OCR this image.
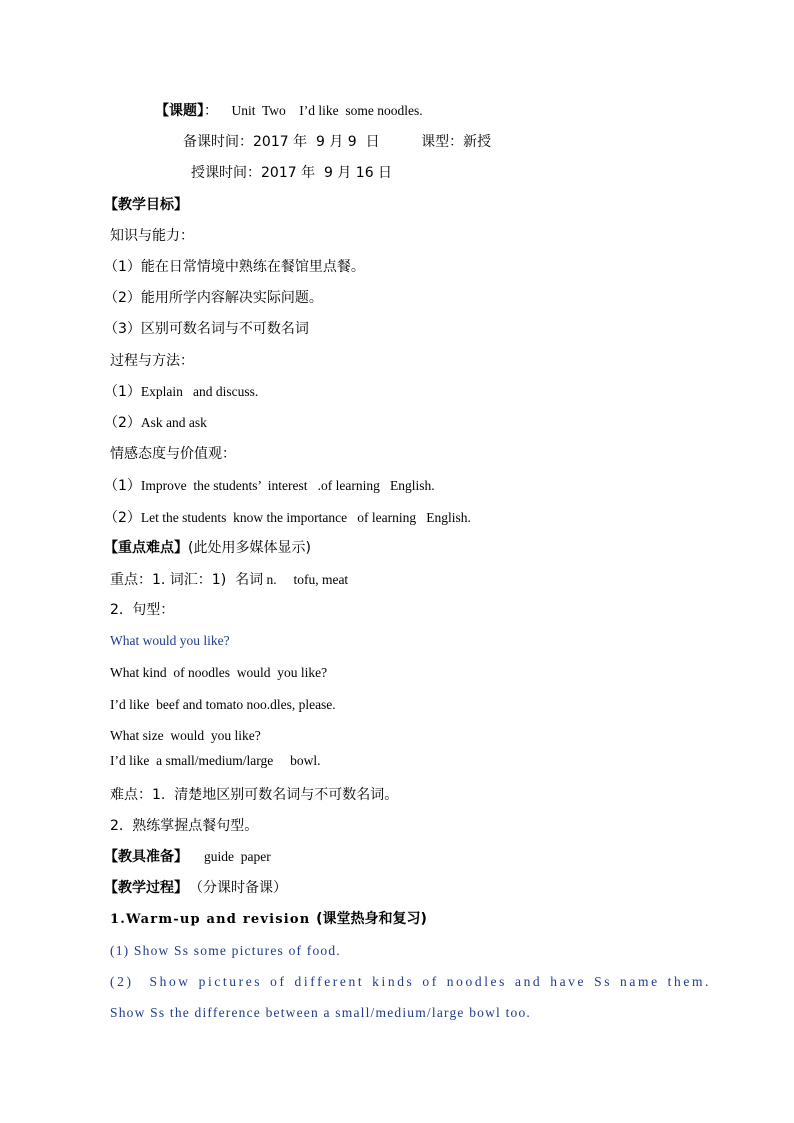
【课题】： Unit  Two    I’d like  some noodles.
备课时间：2017 年  9 月 9  日	课型：新授
授课时间：2017 年  9 月 16 日
【教学目标】
知识与能力：
（1）能在日常情境中熟练在餐馆里点餐。
（2）能用所学内容解决实际问题。
（3）区别可数名词与不可数名词
过程与方法：
（1）Explain   and discuss.
（2）Ask and ask
情感态度与价值观：
（1）Improve  the students’  interest   .of learning   English.
（2）Let the students  know the importance   of learning   English.
【重点难点】(此处用多媒体显示)
重点：1. 词汇：1)  名词 n.     tofu, meat
2.  句型：
What would you like?
What kind  of noodles  would  you like?
I’d like  beef and tomato noo.dles, please.
What size  would  you like?
I’d like  a small/medium/large     bowl.
难点：1.  清楚地区别可数名词与不可数名词。
2.  熟练掌握点餐句型。
【教具准备】 guide  paper
【教学过程】 （分课时备课）
1.Warm-up and revision (课堂热身和复习)
(1) Show Ss some pictures of food.
(2)  Show pictures of different kinds of noodles and have Ss name them.
Show Ss the difference between a small/medium/large bowl too.
